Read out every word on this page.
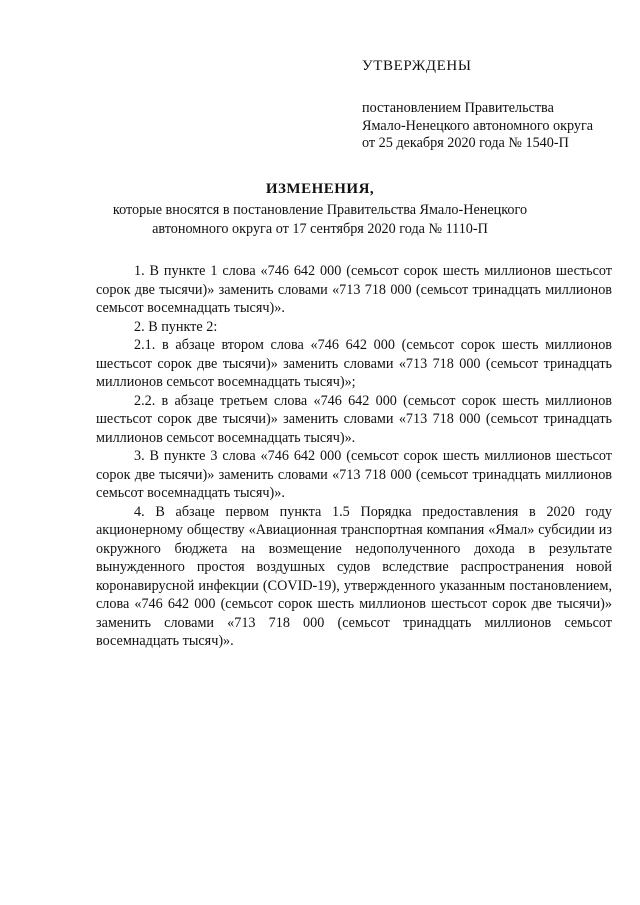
УТВЕРЖДЕНЫ

постановлением Правительства

Ямало-Ненецкого автономного округа

от 25 декабря 2020 года № 1540-П

ИЗМЕНЕНИЯ,

которые вносятся в постановление Правительства Ямало-Ненецкого автономного округа от 17 сентября 2020 года № 1110-П

1. В пункте 1 слова «746 642 000 (семьсот сорок шесть миллионов шестьсот сорок две тысячи)» заменить словами «713 718 000 (семьсот тринадцать миллионов семьсот восемнадцать тысяч)».

2. В пункте 2:

2.1. в абзаце втором слова «746 642 000 (семьсот сорок шесть миллионов шестьсот сорок две тысячи)» заменить словами «713 718 000 (семьсот тринадцать миллионов семьсот восемнадцать тысяч)»;

2.2. в абзаце третьем слова «746 642 000 (семьсот сорок шесть миллионов шестьсот сорок две тысячи)» заменить словами «713 718 000 (семьсот тринадцать миллионов семьсот восемнадцать тысяч)».

3. В пункте 3 слова «746 642 000 (семьсот сорок шесть миллионов шестьсот сорок две тысячи)» заменить словами «713 718 000 (семьсот тринадцать миллионов семьсот восемнадцать тысяч)».

4. В абзаце первом пункта 1.5 Порядка предоставления в 2020 году акционерному обществу «Авиационная транспортная компания «Ямал» субсидии из окружного бюджета на возмещение недополученного дохода в результате вынужденного простоя воздушных судов вследствие распространения новой коронавирусной инфекции (COVID-19), утвержденного указанным постановлением, слова «746 642 000 (семьсот сорок шесть миллионов шестьсот сорок две тысячи)» заменить словами «713 718 000 (семьсот тринадцать миллионов семьсот восемнадцать тысяч)».
